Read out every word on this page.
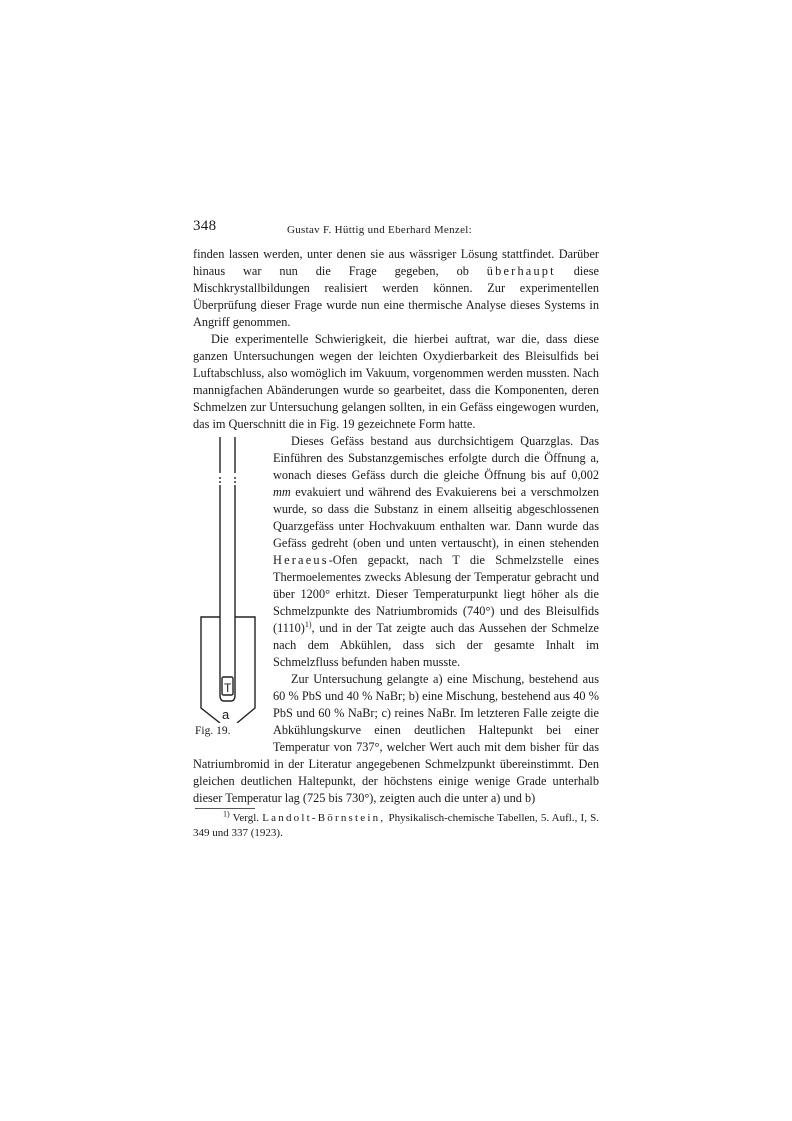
348	Gustav F. Hüttig und Eberhard Menzel:

finden lassen werden, unter denen sie aus wässriger Lösung stattfindet. Darüber hinaus war nun die Frage gegeben, ob überhaupt diese Mischkrystallbildungen realisiert werden können. Zur experimentellen Überprüfung dieser Frage wurde nun eine thermische Analyse dieses Systems in Angriff genommen.

Die experimentelle Schwierigkeit, die hierbei auftrat, war die, dass diese ganzen Untersuchungen wegen der leichten Oxydierbarkeit des Bleisulfids bei Luftabschluss, also womöglich im Vakuum, vorgenommen werden mussten. Nach mannigfachen Abänderungen wurde so gearbeitet, dass die Komponenten, deren Schmelzen zur Untersuchung gelangen sollten, in ein Gefäss eingewogen wurden, das im Querschnitt die in Fig. 19 gezeichnete Form hatte.

T
a
Fig. 19.

Dieses Gefäss bestand aus durchsichtigem Quarzglas. Das Einführen des Substanzgemisches erfolgte durch die Öffnung a, wonach dieses Gefäss durch die gleiche Öffnung bis auf 0,002 mm evakuiert und während des Evakuierens bei a verschmolzen wurde, so dass die Substanz in einem allseitig abgeschlossenen Quarzgefäss unter Hochvakuum enthalten war. Dann wurde das Gefäss gedreht (oben und unten vertauscht), in einen stehenden Heraeus-Ofen gepackt, nach T die Schmelzstelle eines Thermoelementes zwecks Ablesung der Temperatur gebracht und über 1200° erhitzt. Dieser Temperaturpunkt liegt höher als die Schmelzpunkte des Natriumbromids (740°) und des Bleisulfids $(1110)^{1)}$, und in der Tat zeigte auch das Aussehen der Schmelze nach dem Abkühlen, dass sich der gesamte Inhalt im Schmelzfluss befunden haben musste.

Zur Untersuchung gelangte a) eine Mischung, bestehend aus 60 % PbS und 40 % NaBr; b) eine Mischung, bestehend aus 40 % PbS und 60 % NaBr; c) reines NaBr. Im letzteren Falle zeigte die Abkühlungskurve einen deutlichen Haltepunkt bei einer Temperatur von 737°, welcher Wert auch mit dem bisher für das Natriumbromid in der Literatur angegebenen Schmelzpunkt übereinstimmt. Den gleichen deutlichen Haltepunkt, der höchstens einige wenige Grade unterhalb dieser Temperatur lag (725 bis 730°), zeigten auch die unter a) und b)

$^{1)}$ Vergl. Landolt-Börnstein, Physikalisch-chemische Tabellen, 5. Aufl., I, S. 349 und 337 (1923).
